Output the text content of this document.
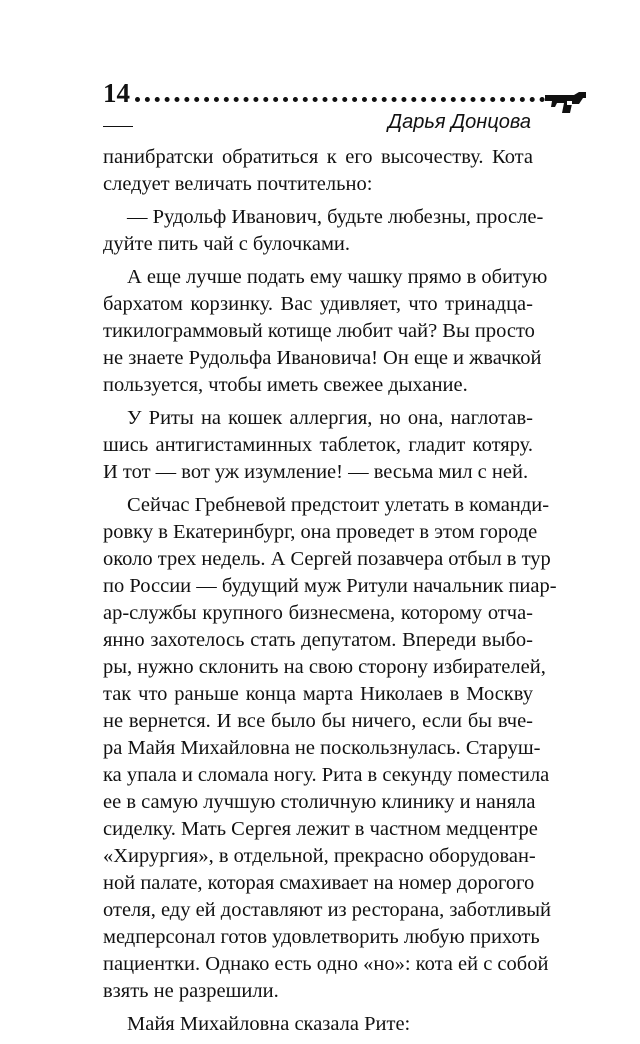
14
Дарья Донцова
панибратски обратиться к его высочеству. Кота
следует величать почтительно:
— Рудольф Иванович, будьте любезны, просле-
дуйте пить чай с булочками.
А еще лучше подать ему чашку прямо в обитую
бархатом корзинку. Вас удивляет, что тринадца-
тикилограммовый котище любит чай? Вы просто
не знаете Рудольфа Ивановича! Он еще и жвачкой
пользуется, чтобы иметь свежее дыхание.
У Риты на кошек аллергия, но она, наглотав-
шись антигистаминных таблеток, гладит котяру.
И тот — вот уж изумление! — весьма мил с ней.
Сейчас Гребневой предстоит улетать в команди-
ровку в Екатеринбург, она проведет в этом городе
около трех недель. А Сергей позавчера отбыл в тур
по России — будущий муж Ритули начальник пиар-
ар-службы крупного бизнесмена, которому отча-
янно захотелось стать депутатом. Впереди выбо-
ры, нужно склонить на свою сторону избирателей,
так что раньше конца марта Николаев в Москву
не вернется. И все было бы ничего, если бы вче-
ра Майя Михайловна не поскользнулась. Старуш-
ка упала и сломала ногу. Рита в секунду поместила
ее в самую лучшую столичную клинику и наняла
сиделку. Мать Сергея лежит в частном медцентре
«Хирургия», в отдельной, прекрасно оборудован-
ной палате, которая смахивает на номер дорогого
отеля, еду ей доставляют из ресторана, заботливый
медперсонал готов удовлетворить любую прихоть
пациентки. Однако есть одно «но»: кота ей с собой
взять не разрешили.
Майя Михайловна сказала Рите:
